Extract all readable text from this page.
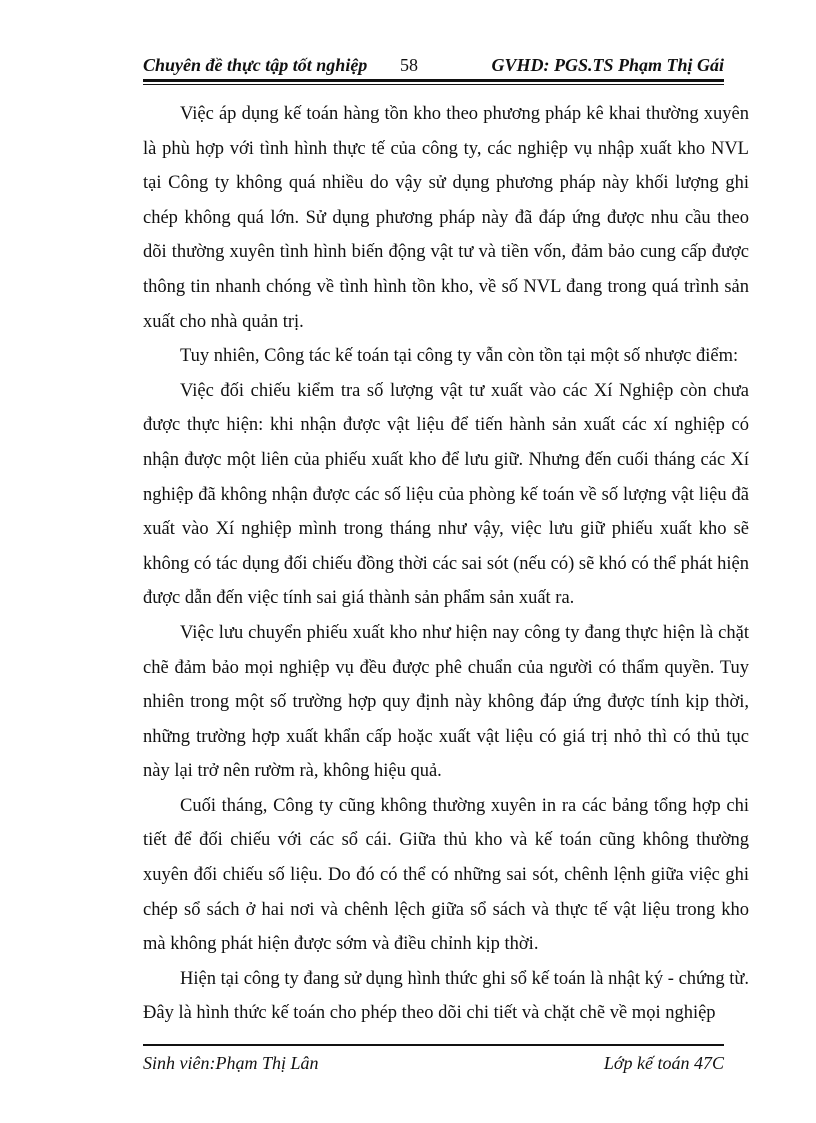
Chuyên đề thực tập tốt nghiệp 58	GVHD: PGS.TS Phạm Thị Gái

Việc áp dụng kế toán hàng tồn kho theo phương pháp kê khai thường xuyên là phù hợp với tình hình thực tế của công ty, các nghiệp vụ nhập xuất kho NVL tại Công ty không quá nhiều do vậy sử dụng phương pháp này khối lượng ghi chép không quá lớn. Sử dụng phương pháp này đã đáp ứng được nhu cầu theo dõi thường xuyên tình hình biến động vật tư và tiền vốn, đảm bảo cung cấp được thông tin nhanh chóng về tình hình tồn kho, về số NVL đang trong quá trình sản xuất cho nhà quản trị.

Tuy nhiên, Công tác kế toán tại công ty vẫn còn tồn tại một số nhược điểm:

Việc đối chiếu kiểm tra số lượng vật tư xuất vào các Xí Nghiệp còn chưa được thực hiện: khi nhận được vật liệu để tiến hành sản xuất các xí nghiệp có nhận được một liên của phiếu xuất kho để lưu giữ. Nhưng đến cuối tháng các Xí nghiệp đã không nhận được các số liệu của phòng kế toán về số lượng vật liệu đã xuất vào Xí nghiệp mình trong tháng như vậy, việc lưu giữ phiếu xuất kho sẽ không có tác dụng đối chiếu đồng thời các sai sót (nếu có) sẽ khó có thể phát hiện được dẫn đến việc tính sai giá thành sản phẩm sản xuất ra.

Việc lưu chuyển phiếu xuất kho như hiện nay công ty đang thực hiện là chặt chẽ đảm bảo mọi nghiệp vụ đều được phê chuẩn của người có thẩm quyền. Tuy nhiên trong một số trường hợp quy định này không đáp ứng được tính kịp thời, những trường hợp xuất khẩn cấp hoặc xuất vật liệu có giá trị nhỏ thì có thủ tục này lại trở nên rườm rà, không hiệu quả.

Cuối tháng, Công ty cũng không thường xuyên in ra các bảng tổng hợp chi tiết để đối chiếu với các sổ cái. Giữa thủ kho và kế toán cũng không thường xuyên đối chiếu số liệu. Do đó có thể có những sai sót, chênh lệnh giữa việc ghi chép sổ sách ở hai nơi và chênh lệch giữa sổ sách và thực tế vật liệu trong kho mà không phát hiện được sớm và điều chỉnh kịp thời.

Hiện tại công ty đang sử dụng hình thức ghi sổ kế toán là nhật ký - chứng từ. Đây là hình thức kế toán cho phép theo dõi chi tiết và chặt chẽ về mọi nghiệp

Sinh viên:Phạm Thị Lân	Lớp kế toán 47C
